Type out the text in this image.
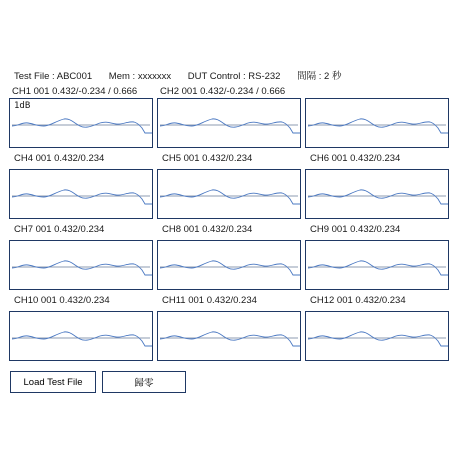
Test File : ABC001 Mem : xxxxxxx DUT Control : RS-232 間隔 : 2 秒
CH1 001 0.432/-0.234 / 0.666 CH2 001 0.432/-0.234 / 0.666
1dB
CH4 001 0.432/0.234	CH5 001 0.432/0.234	CH6 001 0.432/0.234
CH7 001 0.432/0.234	CH8 001 0.432/0.234	CH9 001 0.432/0.234
CH10 001 0.432/0.234	CH11 001 0.432/0.234	CH12 001 0.432/0.234
Load Test File	歸零
